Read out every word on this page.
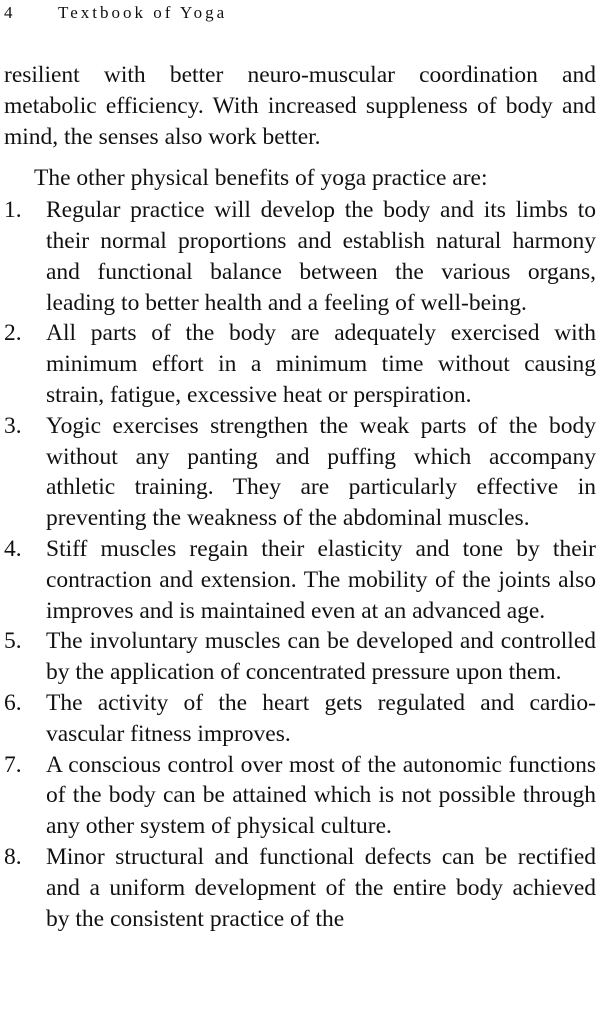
4	Textbook of Yoga

resilient with better neuro-muscular coordination and metabolic efficiency. With increased suppleness of body and mind, the senses also work better.

The other physical benefits of yoga practice are:

1.	Regular practice will develop the body and its limbs to their normal proportions and establish natural harmony and functional balance between the various organs, leading to better health and a feeling of well-being.
2.	All parts of the body are adequately exercised with minimum effort in a minimum time without causing strain, fatigue, excessive heat or perspiration.
3.	Yogic exercises strengthen the weak parts of the body without any panting and puffing which accompany athletic training. They are particularly effective in preventing the weakness of the abdominal muscles.
4.	Stiff muscles regain their elasticity and tone by their contraction and extension. The mobility of the joints also improves and is maintained even at an advanced age.
5.	The involuntary muscles can be developed and controlled by the application of concentrated pressure upon them.
6.	The activity of the heart gets regulated and cardio-vascular fitness improves.
7.	A conscious control over most of the autonomic functions of the body can be attained which is not possible through any other system of physical culture.
8.	Minor structural and functional defects can be rectified and a uniform development of the entire body achieved by the consistent practice of the
